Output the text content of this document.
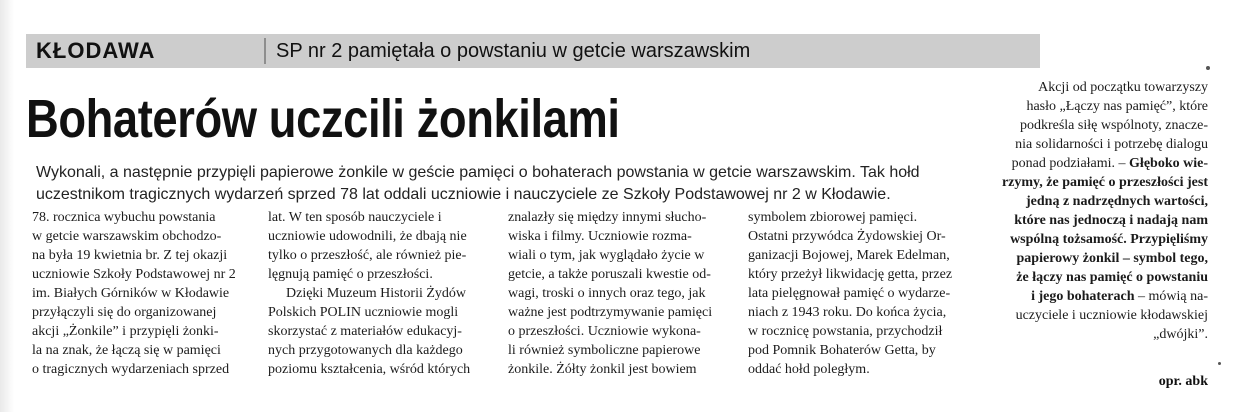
KŁODAWA	SP nr 2 pamiętała o powstaniu w getcie warszawskim
Bohaterów uczcili żonkilami
Wykonali, a następnie przypięli papierowe żonkile w geście pamięci o bohaterach powstania w getcie warszawskim. Tak hołd
uczestnikom tragicznych wydarzeń sprzed 78 lat oddali uczniowie i nauczyciele ze Szkoły Podstawowej nr 2 w Kłodawie.
78. rocznica wybuchu powstania
w getcie warszawskim obchodzo-
na była 19 kwietnia br. Z tej okazji
uczniowie Szkoły Podstawowej nr 2
im. Białych Górników w Kłodawie
przyłączyli się do organizowanej
akcji „Żonkile” i przypięli żonki-
la na znak, że łączą się w pamięci
o tragicznych wydarzeniach sprzed
lat. W ten sposób nauczyciele i
uczniowie udowodnili, że dbają nie
tylko o przeszłość, ale również pie-
lęgnują pamięć o przeszłości.
Dzięki Muzeum Historii Żydów
Polskich POLIN uczniowie mogli
skorzystać z materiałów edukacyj-
nych przygotowanych dla każdego
poziomu kształcenia, wśród których
znalazły się między innymi słucho-
wiska i filmy. Uczniowie rozma-
wiali o tym, jak wyglądało życie w
getcie, a także poruszali kwestie od-
wagi, troski o innych oraz tego, jak
ważne jest podtrzymywanie pamięci
o przeszłości. Uczniowie wykona-
li również symboliczne papierowe
żonkile. Żółty żonkil jest bowiem
symbolem zbiorowej pamięci.
Ostatni przywódca Żydowskiej Or-
ganizacji Bojowej, Marek Edelman,
który przeżył likwidację getta, przez
lata pielęgnował pamięć o wydarze-
niach z 1943 roku. Do końca życia,
w rocznicę powstania, przychodził
pod Pomnik Bohaterów Getta, by
oddać hołd poległym.
Akcji od początku towarzyszy
hasło „Łączy nas pamięć”, które
podkreśla siłę wspólnoty, znacze-
nia solidarności i potrzebę dialogu
ponad podziałami. – Głęboko wie-
rzymy, że pamięć o przeszłości jest
jedną z nadrzędnych wartości,
które nas jednoczą i nadają nam
wspólną tożsamość. Przypięliśmy
papierowy żonkil – symbol tego,
że łączy nas pamięć o powstaniu
i jego bohaterach – mówią na-
uczyciele i uczniowie kłodawskiej
„dwójki”.
opr. abk
